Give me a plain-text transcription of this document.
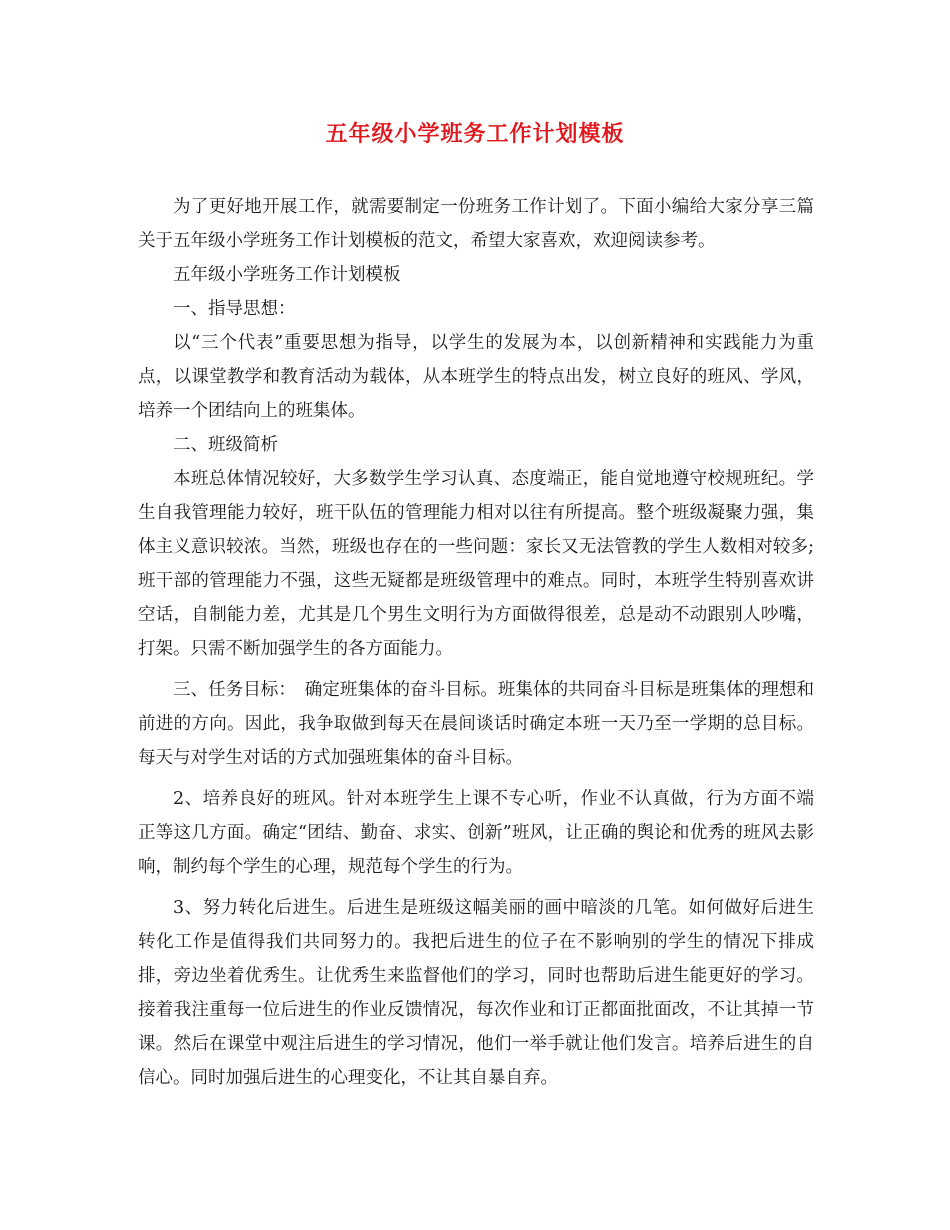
五年级小学班务工作计划模板

为了更好地开展工作，就需要制定一份班务工作计划了。下面小编给大家分享三篇关于五年级小学班务工作计划模板的范文，希望大家喜欢，欢迎阅读参考。

五年级小学班务工作计划模板

一、指导思想：

以“三个代表”重要思想为指导，以学生的发展为本，以创新精神和实践能力为重点，以课堂教学和教育活动为载体，从本班学生的特点出发，树立良好的班风、学风，培养一个团结向上的班集体。

二、班级简析

本班总体情况较好，大多数学生学习认真、态度端正，能自觉地遵守校规班纪。学生自我管理能力较好，班干队伍的管理能力相对以往有所提高。整个班级凝聚力强，集体主义意识较浓。当然，班级也存在的一些问题：家长又无法管教的学生人数相对较多;班干部的管理能力不强，这些无疑都是班级管理中的难点。同时，本班学生特别喜欢讲空话，自制能力差，尤其是几个男生文明行为方面做得很差，总是动不动跟别人吵嘴，打架。只需不断加强学生的各方面能力。

三、任务目标：　确定班集体的奋斗目标。班集体的共同奋斗目标是班集体的理想和前进的方向。因此，我争取做到每天在晨间谈话时确定本班一天乃至一学期的总目标。每天与对学生对话的方式加强班集体的奋斗目标。

2、培养良好的班风。针对本班学生上课不专心听，作业不认真做，行为方面不端正等这几方面。确定“团结、勤奋、求实、创新”班风，让正确的舆论和优秀的班风去影响，制约每个学生的心理，规范每个学生的行为。

3、努力转化后进生。后进生是班级这幅美丽的画中暗淡的几笔。如何做好后进生转化工作是值得我们共同努力的。我把后进生的位子在不影响别的学生的情况下排成排，旁边坐着优秀生。让优秀生来监督他们的学习，同时也帮助后进生能更好的学习。接着我注重每一位后进生的作业反馈情况，每次作业和订正都面批面改，不让其掉一节课。然后在课堂中观注后进生的学习情况，他们一举手就让他们发言。培养后进生的自信心。同时加强后进生的心理变化，不让其自暴自弃。
